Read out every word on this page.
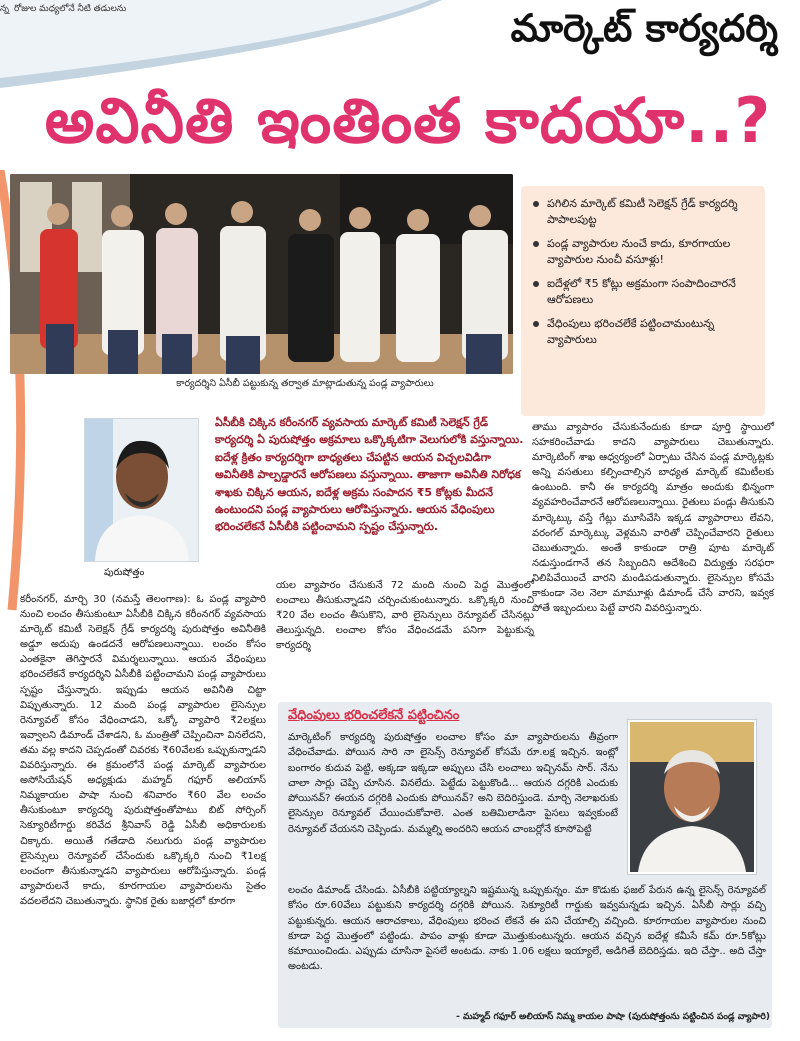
రోజుల మధ్యలోనే నీటి తడులను
న్న	మార్కెట్ కార్యదర్శి
అవినీతి ఇంతింత కాదయా..?
కార్యదర్శిని ఏసీబీ పట్టుకున్న తర్వాత మాట్లాడుతున్న పండ్ల వ్యాపారులు
పగిలిన మార్కెట్ కమిటీ సెలెక్షన్ గ్రేడ్ కార్యదర్శి పాపాలపుట్ట
పండ్ల వ్యాపారుల నుంచే కాదు, కూరగాయల వ్యాపారుల నుంచీ వసూళ్లు!
ఐదేళ్లలో ₹5 కోట్లు అక్రమంగా సంపాదించారనే ఆరోపణలు
వేధింపులు భరించలేకే పట్టించామంటున్న వ్యాపారులు
పురుషోత్తం
ఏసీబీకి చిక్కిన కరీంనగర్ వ్యవసాయ మార్కెట్ కమిటీ సెలెక్షన్ గ్రేడ్ కార్యదర్శి ఏ పురుషోత్తం అక్రమాలు ఒక్కొక్కటిగా వెలుగులోకి వస్తున్నాయి. ఐదేళ్ల క్రితం కార్యదర్శిగా బాధ్యతలు చేపట్టిన ఆయన విచ్చలవిడిగా అవినీతికి పాల్పడ్డారనే ఆరోపణలు వస్తున్నాయి. తాజాగా అవినీతి నిరోధక శాఖకు చిక్కిన ఆయన, ఐదేళ్ల అక్రమ సంపాదన ₹5 కోట్లకు మీదనే ఉంటుందని పండ్ల వ్యాపారులు ఆరోపిస్తున్నారు. ఆయన వేధింపులు భరించలేకనే ఏసీబీకి పట్టించామని స్పష్టం చేస్తున్నారు.
కరీంనగర్, మార్చి 30 (నమస్తే తెలంగాణ): ఓ పండ్ల వ్యాపారి నుంచి లంచం తీసుకుంటూ ఏసీబీకి చిక్కిన కరీంనగర్ వ్యవసాయ మార్కెట్ కమిటీ సెలెక్షన్ గ్రేడ్ కార్యదర్శి పురుషోత్తం అవినీతికి అడ్డూ అదుపు ఉండదనే ఆరోపణలున్నాయి. లంచం కోసం ఎంతకైనా తెగిస్తారనే విమర్శలున్నాయి. ఆయన వేధింపులు భరించలేకనే కార్యదర్శిని ఏసీబీకి పట్టించామని పండ్ల వ్యాపారులు స్పష్టం చేస్తున్నారు. ఇప్పుడు ఆయన అవినీతి చిట్టా విప్పుతున్నారు. 12 మంది పండ్ల వ్యాపారుల లైసెన్సుల రెన్యూవల్ కోసం వేధించాడని, ఒక్కో వ్యాపారి ₹2లక్షలు ఇవ్వాలని డిమాండ్ చేశాడని, ఓ మంత్రితో చెప్పించినా వినలేదని, తమ వల్ల కాదని చెప్పడంతో చివరకు ₹60వేలకు ఒప్పుకున్నాడని వివరిస్తున్నారు. ఈ క్రమంలోనే పండ్ల మార్కెట్ వ్యాపారుల అసోసియేషన్ అధ్యక్షుడు మహ్మద్ గఫూర్ అలియాస్ నిమ్మకాయల పాషా నుంచి శనివారం ₹60 వేల లంచం తీసుకుంటూ కార్యదర్శి పురుషోత్తంతోపాటు బిట్ సోర్సింగ్ సెక్యూరిటీగార్డు కరివేద శ్రీనివాస్ రెడ్డి ఏసీబీ అధికారులకు చిక్కారు. అయితే గతేడాది నలుగురు పండ్ల వ్యాపారుల లైసెన్సులు రెన్యూవల్ చేసేందుకు ఒక్కొక్కరి నుంచి ₹1లక్ష లంచంగా తీసుకున్నాడని వ్యాపారులు ఆరోపిస్తున్నారు. పండ్ల వ్యాపారులనే కాదు, కూరగాయల వ్యాపారులను సైతం వదలలేదని చెబుతున్నారు. స్థానిక రైతు బజార్లలో కూరగా
యల వ్యాపారం చేసుకునే 72 మంది నుంచి పెద్ద మొత్తంలో లంచాలు తీసుకున్నాడని చర్చించుకుంటున్నారు. ఒక్కొక్కరి నుంచి ₹20 వేల లంచం తీసుకొని, వారి లైసెన్సులు రెన్యూవల్ చేసినట్లు తెలుస్తున్నది. లంచాల కోసం వేధించడమే పనిగా పెట్టుకున్న కార్యదర్శి
తాము వ్యాపారం చేసుకునేందుకు కూడా పూర్తి స్థాయిలో సహకరించేవాడు కాదని వ్యాపారులు చెబుతున్నారు. మార్కెటింగ్ శాఖ ఆధ్వర్యంలో ఏర్పాటు చేసిన పండ్ల మార్కెట్లకు అన్ని వసతులు కల్పించాల్సిన బాధ్యత మార్కెట్ కమిటీలకు ఉంటుంది. కానీ ఈ కార్యదర్శి మాత్రం అందుకు భిన్నంగా వ్యవహరించేవారనే ఆరోపణలున్నాయి. రైతులు పండ్లు తీసుకుని మార్కెట్కు వస్తే గేట్లు మూసివేసి ఇక్కడ వ్యాపారాలు లేవని, వరంగల్ మార్కెట్కు వెళ్లమని వారితో చెప్పించేవారని రైతులు చెబుతున్నారు. అంతే కాకుండా రాత్రి పూట మార్కెట్ నడుస్తుండగానే తన సిబ్బందిని ఆదేశించి విద్యుత్తు సరఫరా నిలిపివేయించే వారని మండిపడుతున్నారు. లైసెన్సుల కోసమే కాకుండా నెల నెలా మామూళ్లు డిమాండ్ చేసే వారని, ఇవ్వక పోతే ఇబ్బందులు పెట్టే వారని వివరిస్తున్నారు.
వేధింపులు భరించలేకనే పట్టించినం
మార్కెటింగ్ కార్యదర్శి పురుషోత్తం లంచాల కోసం మా వ్యాపారులను తీవ్రంగా వేధించేవాడు. పోయిన సారి నా లైసెన్స్ రెన్యూవల్ కోసమే రూ.లక్ష ఇచ్చిన. ఇంట్లో బంగారం కుదువ పెట్టి, అక్కడా ఇక్కడా అప్పులు చేసి లంచాలు ఇచ్చినమ్ సార్. నేను చాలా సార్లు చెప్పి చూసిన. వినలేదు. పెట్టేడు పెట్టుకొండి... ఆయన దగ్గరికి ఎందుకు పోయినవ్? ఈయన దగ్గరికి ఎందుకు పోయినవ్? అని బెదిరిస్తుండె. మార్చి నెలాఖరుకు లైసెన్సుల రెన్యూవల్ చేయించుకోవాలె. ఎంత బతిమిలాడినా పైసలు ఇవ్వకుంటే రెన్యూవల్ చేయనని చెప్పిండు. మమ్మల్ని అందరిని ఆయన చాంబర్లోనే కూసోపెట్టి
లంచం డిమాండ్ చేసిండు. ఏసీబీకి పట్టియ్యాల్నని ఇష్టమున్న ఒప్పుకున్నం. మా కొడుకు ఫజల్ పేరున ఉన్న లైసెన్స్ రెన్యూవల్ కోసం రూ.60వేలు పట్టుకుని కార్యదర్శి దగ్గరికి పోయిన. సెక్యూరిటీ గార్డుకు ఇవ్వమన్నడు ఇచ్చిన. ఏసీబీ సార్లు వచ్చి పట్టుకున్నరు. ఆయన ఆరాచకాలు, వేధింపులు భరించ లేకనే ఈ పని చేయాల్సి వచ్చింది. కూరగాయల వ్యాపారుల నుంచి కూడా పెద్ద మొత్తంలో పట్టిండు. పాపం వాళ్లు కూడా మొత్తుకుంటున్నరు. ఆయన వచ్చిన ఐదేళ్ల కమీసే కమ్ రూ.5కోట్లు కమాయించిండు. ఎప్పుడు చూసినా పైసలే అంటడు. నాకు 1.06 లక్షలు ఇయ్యాలే, అడిగితే బెదిరిస్తడు. ఇది చేస్తా.. అది చేస్తా అంటడు.
- మహ్మద్ గఫూర్ అలియాస్ నిమ్మ కాయల పాషా (పురుషోత్తంను పట్టించిన పండ్ల వ్యాపారి)
